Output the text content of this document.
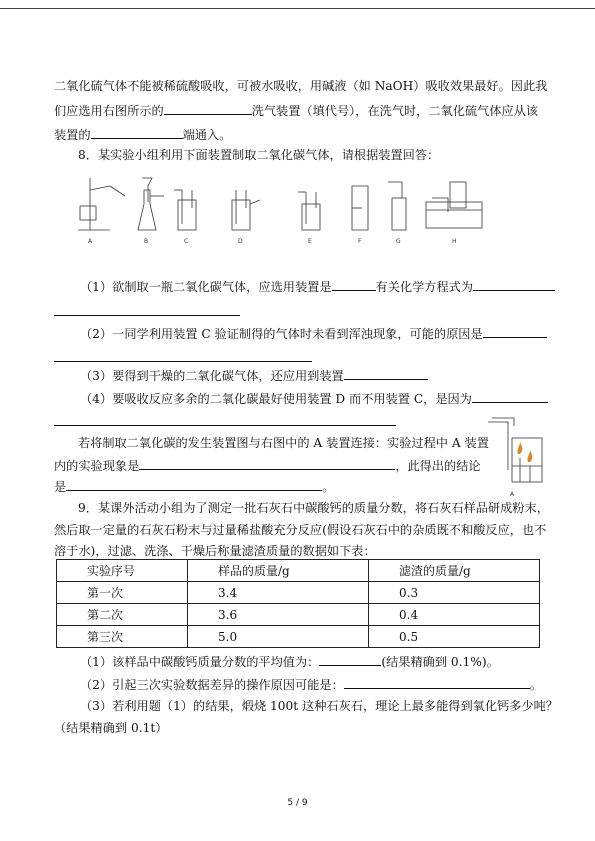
二氧化硫气体不能被稀硫酸吸收，可被水吸收，用碱液（如 NaOH）吸收效果最好。因此我
们应选用右图所示的	洗气装置（填代号），在洗气时，二氧化硫气体应从该
装置的	端通入。
8．某实验小组利用下面装置制取二氧化碳气体，请根据装置回答：
A	B	C	D	E	F	G	H
（1）欲制取一瓶二氧化碳气体，应选用装置是	有关化学方程式为
（2）一同学利用装置 C 验证制得的气体时未看到浑浊现象，可能的原因是
（3）要得到干燥的二氧化碳气体，还应用到装置
（4）要吸收反应多余的二氧化碳最好使用装置 D 而不用装置 C，是因为
若将制取二氧化碳的发生装置图与右图中的 A 装置连接：实验过程中 A 装置
内的实验现象是	，此得出的结论
是	。
A
9．某课外活动小组为了测定一批石灰石中碳酸钙的质量分数，将石灰石样品研成粉末，
然后取一定量的石灰石粉末与过量稀盐酸充分反应(假设石灰石中的杂质既不和酸反应，也不
溶于水)，过滤、洗涤、干燥后称量滤渣质量的数据如下表：
实验序号	样品的质量/g	滤渣的质量/g
第一次	3.4	0.3
第二次	3.6	0.4
第三次	5.0	0.5
（1）该样品中碳酸钙质量分数的平均值为：	(结果精确到 0.1%)。
（2）引起三次实验数据差异的操作原因可能是：	。
（3）若利用题（1）的结果，煅烧 100t 这种石灰石，理论上最多能得到氧化钙多少吨？
（结果精确到 0.1t）
5 / 9
